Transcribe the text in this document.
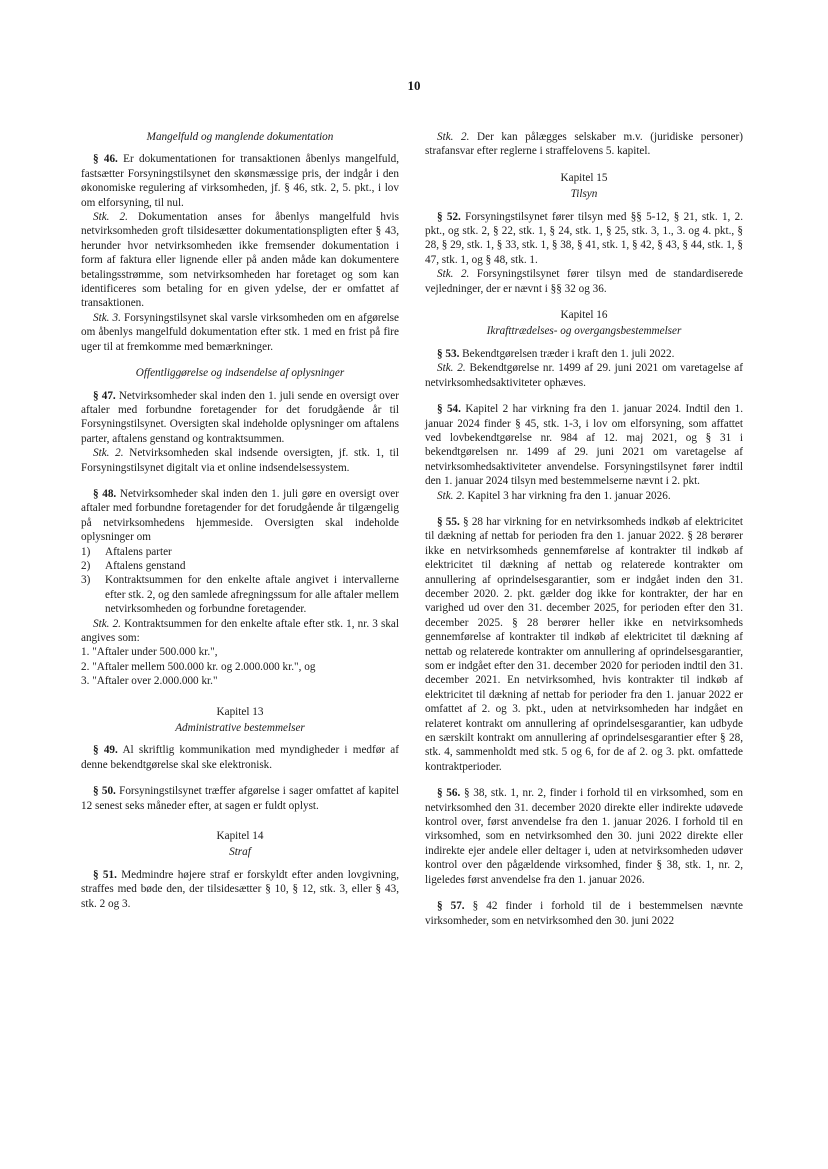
10
Mangelfuld og manglende dokumentation

§ 46. Er dokumentationen for transaktionen åbenlys mangelfuld, fastsætter Forsyningstilsynet den skønsmæssige pris, der indgår i den økonomiske regulering af virksomheden, jf. § 46, stk. 2, 5. pkt., i lov om elforsyning, til nul.

Stk. 2. Dokumentation anses for åbenlys mangelfuld hvis netvirksomheden groft tilsidesætter dokumentationspligten efter § 43, herunder hvor netvirksomheden ikke fremsender dokumentation i form af faktura eller lignende eller på anden måde kan dokumentere betalingsstrømme, som netvirksomheden har foretaget og som kan identificeres som betaling for en given ydelse, der er omfattet af transaktionen.

Stk. 3. Forsyningstilsynet skal varsle virksomheden om en afgørelse om åbenlys mangelfuld dokumentation efter stk. 1 med en frist på fire uger til at fremkomme med bemærkninger.

Offentliggørelse og indsendelse af oplysninger

§ 47. Netvirksomheder skal inden den 1. juli sende en oversigt over aftaler med forbundne foretagender for det forudgående år til Forsyningstilsynet. Oversigten skal indeholde oplysninger om aftalens parter, aftalens genstand og kontraktsummen.

Stk. 2. Netvirksomheden skal indsende oversigten, jf. stk. 1, til Forsyningstilsynet digitalt via et online indsendelsessystem.

§ 48. Netvirksomheder skal inden den 1. juli gøre en oversigt over aftaler med forbundne foretagender for det forudgående år tilgængelig på netvirksomhedens hjemmeside. Oversigten skal indeholde oplysninger om

1)	Aftalens parter
2)	Aftalens genstand
3)	Kontraktsummen for den enkelte aftale angivet i intervallerne efter stk. 2, og den samlede afregningssum for alle aftaler mellem netvirksomheden og forbundne foretagender.

Stk. 2. Kontraktsummen for den enkelte aftale efter stk. 1, nr. 3 skal angives som:

1. "Aftaler under 500.000 kr.",

2. "Aftaler mellem 500.000 kr. og 2.000.000 kr.", og

3. "Aftaler over 2.000.000 kr."

Kapitel 13
Administrative bestemmelser

§ 49. Al skriftlig kommunikation med myndigheder i medfør af denne bekendtgørelse skal ske elektronisk.

§ 50. Forsyningstilsynet træffer afgørelse i sager omfattet af kapitel 12 senest seks måneder efter, at sagen er fuldt oplyst.

Kapitel 14
Straf

§ 51. Medmindre højere straf er forskyldt efter anden lovgivning, straffes med bøde den, der tilsidesætter § 10, § 12, stk. 3, eller § 43, stk. 2 og 3.

Stk. 2. Der kan pålægges selskaber m.v. (juridiske personer) strafansvar efter reglerne i straffelovens 5. kapitel.

Kapitel 15
Tilsyn

§ 52. Forsyningstilsynet fører tilsyn med §§ 5-12, § 21, stk. 1, 2. pkt., og stk. 2, § 22, stk. 1, § 24, stk. 1, § 25, stk. 3, 1., 3. og 4. pkt., § 28, § 29, stk. 1, § 33, stk. 1, § 38, § 41, stk. 1, § 42, § 43, § 44, stk. 1, § 47, stk. 1, og § 48, stk. 1.

Stk. 2. Forsyningstilsynet fører tilsyn med de standardiserede vejledninger, der er nævnt i §§ 32 og 36.

Kapitel 16
Ikrafttrædelses- og overgangsbestemmelser

§ 53. Bekendtgørelsen træder i kraft den 1. juli 2022.

Stk. 2. Bekendtgørelse nr. 1499 af 29. juni 2021 om varetagelse af netvirksomhedsaktiviteter ophæves.

§ 54. Kapitel 2 har virkning fra den 1. januar 2024. Indtil den 1. januar 2024 finder § 45, stk. 1-3, i lov om elforsyning, som affattet ved lovbekendtgørelse nr. 984 af 12. maj 2021, og § 31 i bekendtgørelsen nr. 1499 af 29. juni 2021 om varetagelse af netvirksomhedsaktiviteter anvendelse. Forsyningstilsynet fører indtil den 1. januar 2024 tilsyn med bestemmelserne nævnt i 2. pkt.

Stk. 2. Kapitel 3 har virkning fra den 1. januar 2026.

§ 55. § 28 har virkning for en netvirksomheds indkøb af elektricitet til dækning af nettab for perioden fra den 1. januar 2022. § 28 berører ikke en netvirksomheds gennemførelse af kontrakter til indkøb af elektricitet til dækning af nettab og relaterede kontrakter om annullering af oprindelsesgarantier, som er indgået inden den 31. december 2020. 2. pkt. gælder dog ikke for kontrakter, der har en varighed ud over den 31. december 2025, for perioden efter den 31. december 2025. § 28 berører heller ikke en netvirksomheds gennemførelse af kontrakter til indkøb af elektricitet til dækning af nettab og relaterede kontrakter om annullering af oprindelsesgarantier, som er indgået efter den 31. december 2020 for perioden indtil den 31. december 2021. En netvirksomhed, hvis kontrakter til indkøb af elektricitet til dækning af nettab for perioder fra den 1. januar 2022 er omfattet af 2. og 3. pkt., uden at netvirksomheden har indgået en relateret kontrakt om annullering af oprindelsesgarantier, kan udbyde en særskilt kontrakt om annullering af oprindelsesgarantier efter § 28, stk. 4, sammenholdt med stk. 5 og 6, for de af 2. og 3. pkt. omfattede kontraktperioder.

§ 56. § 38, stk. 1, nr. 2, finder i forhold til en virksomhed, som en netvirksomhed den 31. december 2020 direkte eller indirekte udøvede kontrol over, først anvendelse fra den 1. januar 2026. I forhold til en virksomhed, som en netvirksomhed den 30. juni 2022 direkte eller indirekte ejer andele eller deltager i, uden at netvirksomheden udøver kontrol over den pågældende virksomhed, finder § 38, stk. 1, nr. 2, ligeledes først anvendelse fra den 1. januar 2026.

§ 57. § 42 finder i forhold til de i bestemmelsen nævnte virksomheder, som en netvirksomhed den 30. juni 2022
